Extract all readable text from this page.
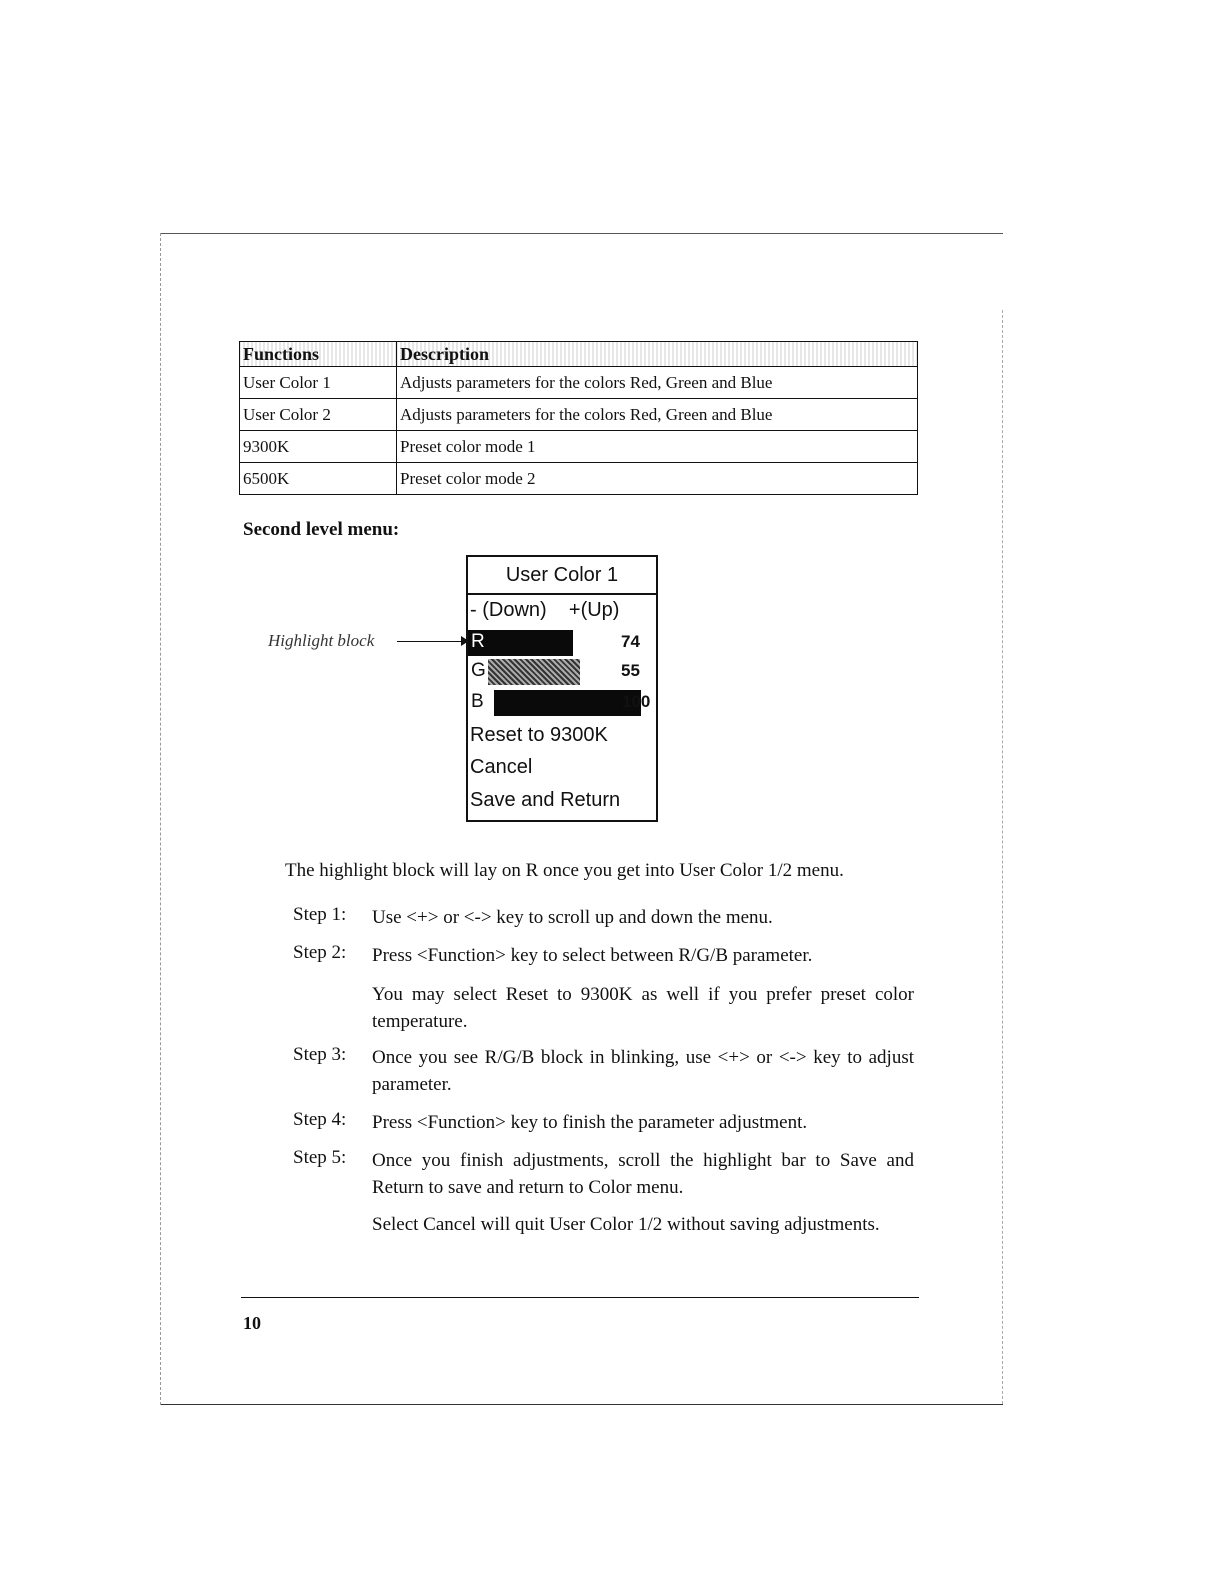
Functions	Description
User Color 1	Adjusts parameters for the colors Red, Green and Blue
User Color 2	Adjusts parameters for the colors Red, Green and Blue
9300K	Preset color mode 1
6500K	Preset color mode 2
Second level menu:
Highlight block
User Color 1
- (Down)    +(Up)
R	74
G	55
B	100
Reset to 9300K
Cancel
Save and Return
The highlight block will lay on R once you get into User Color 1/2 menu.
Step 1:	Use <+> or <-> key to scroll up and down the menu.
Step 2:	Press <Function> key to select between R/G/B parameter.
You may select Reset to 9300K as well if you prefer preset color temperature.
Step 3:	Once you see R/G/B block in blinking, use <+> or <-> key to adjust parameter.
Step 4:	Press <Function> key to finish the parameter adjustment.
Step 5:	Once you finish adjustments, scroll the highlight bar to Save and Return to save and return to Color menu.
Select Cancel will quit User Color 1/2 without saving adjustments.
10
